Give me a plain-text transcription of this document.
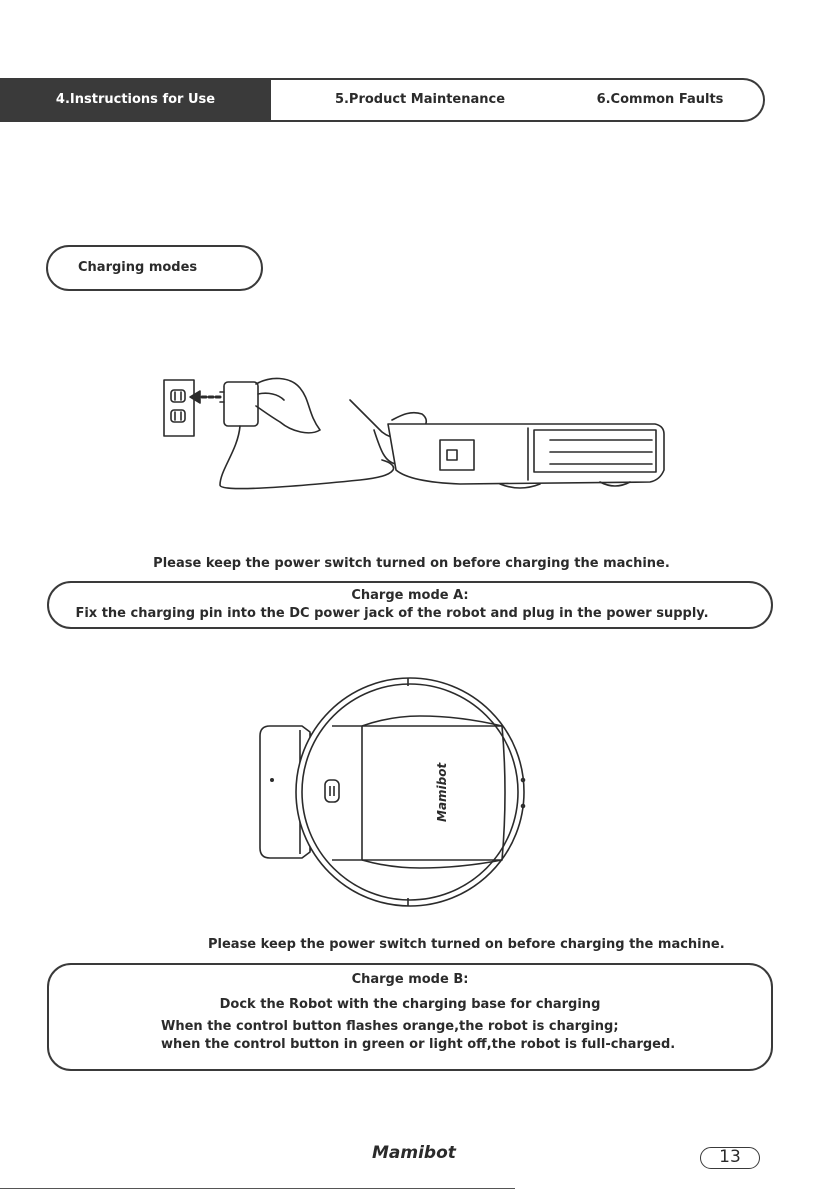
4.Instructions for Use	5.Product Maintenance	6.Common Faults
Charging modes
Please keep the power switch turned on before charging the machine.
Charge mode A:
Fix the charging pin into the DC power jack of the robot and plug in the power supply.
Mamibot
Please keep the power switch turned on before charging the machine.
Charge mode B:
Dock the Robot with the charging base for charging
When the control button flashes orange,the robot is charging;
when the control button in green or light off,the robot is full-charged.
Mamibot	13
